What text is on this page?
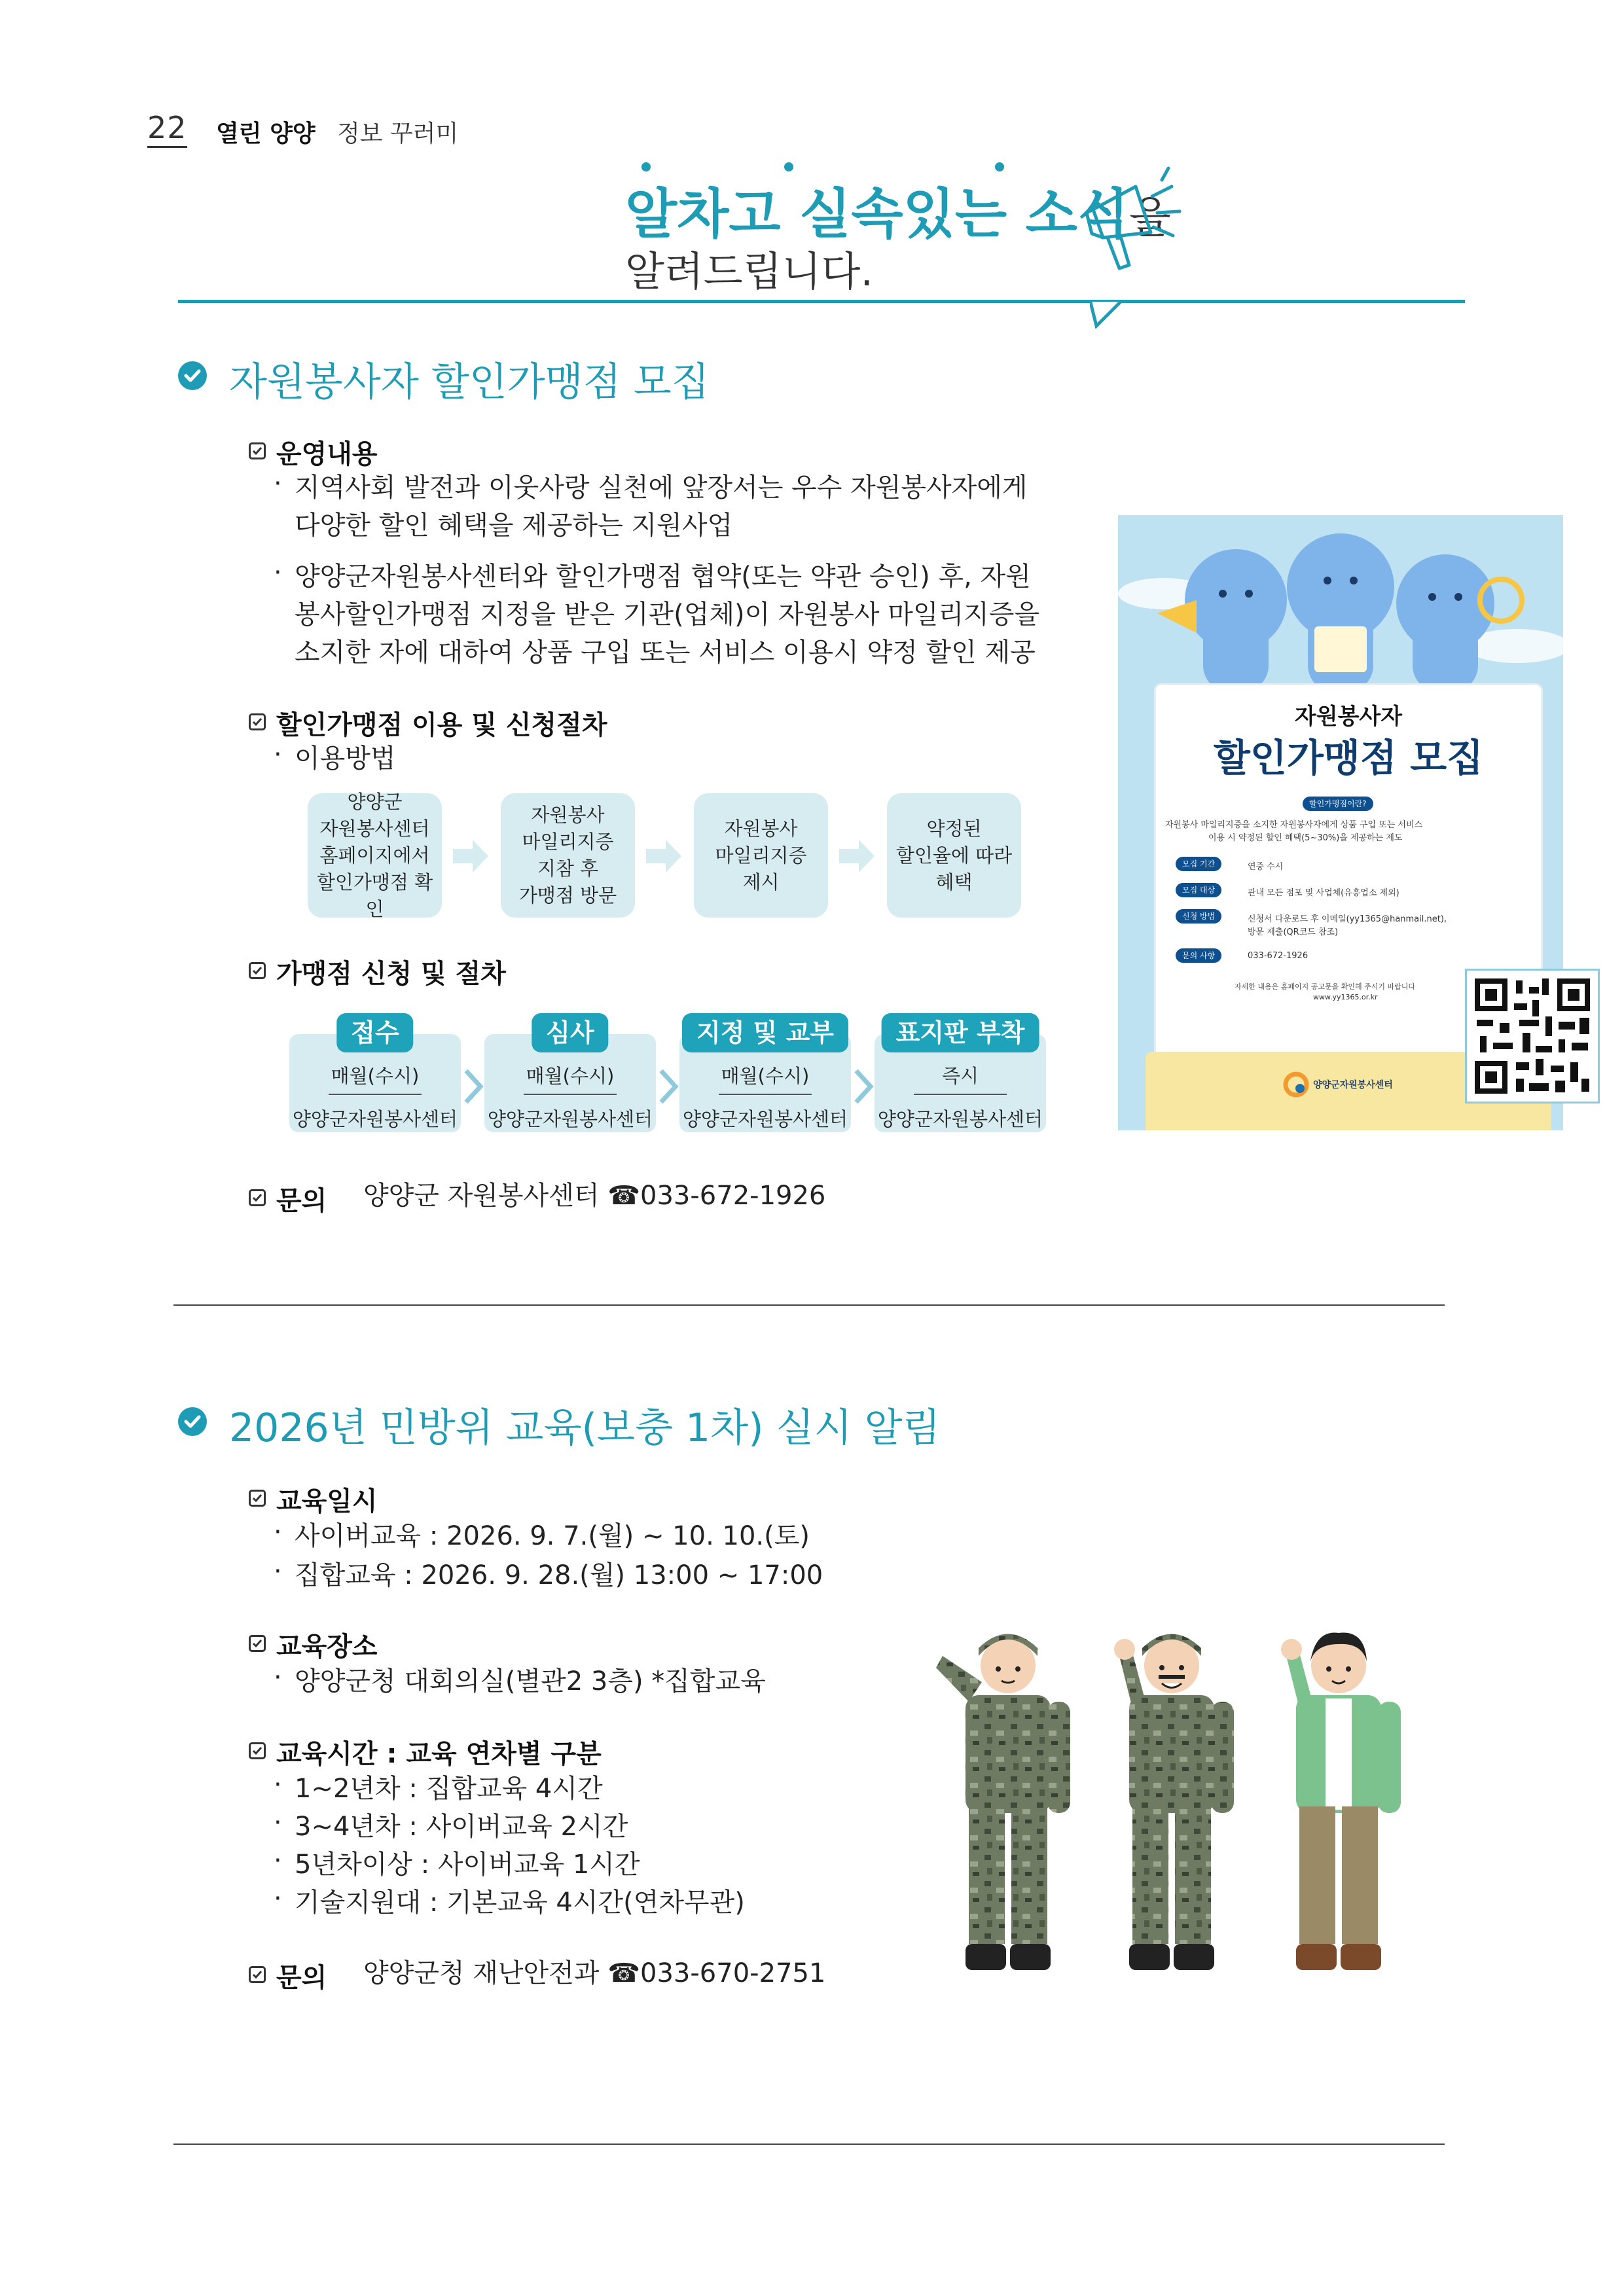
22 열린 양양 정보 꾸러미
알차고 실속있는 소식을
알려드립니다.
자원봉사자 할인가맹점 모집
운영내용
· 지역사회 발전과 이웃사랑 실천에 앞장서는 우수 자원봉사자에게
다양한 할인 혜택을 제공하는 지원사업
· 양양군자원봉사센터와 할인가맹점 협약(또는 약관 승인) 후, 자원
봉사할인가맹점 지정을 받은 기관(업체)이 자원봉사 마일리지증을
소지한 자에 대하여 상품 구입 또는 서비스 이용시 약정 할인 제공
할인가맹점 이용 및 신청절차
· 이용방법
양양군
자원봉사센터
홈페이지에서
할인가맹점 확인
자원봉사
마일리지증
지참 후
가맹점 방문
자원봉사
마일리지증
제시
약정된
할인율에 따라
혜택
가맹점 신청 및 절차
접수
매월(수시)
양양군자원봉사센터
심사
매월(수시)
양양군자원봉사센터
지정 및 교부
매월(수시)
양양군자원봉사센터
표지판 부착
즉시
양양군자원봉사센터
문의 양양군 자원봉사센터 ☎033-672-1926
자원봉사자
할인가맹점 모집
할인가맹점이란?
자원봉사 마일리지증을 소지한 자원봉사자에게 상품 구입 또는 서비스
이용 시 약정된 할인 혜택(5~30%)을 제공하는 제도
모집 기간	연중 수시
모집 대상	관내 모든 점포 및 사업체(유흥업소 제외)
신청 방법	신청서 다운로드 후 이메일(yy1365@hanmail.net),
방문 제출(QR코드 참조)
문의 사항	033-672-1926
자세한 내용은 홈페이지 공고문을 확인해 주시기 바랍니다
www.yy1365.or.kr
양양군자원봉사센터
2026년 민방위 교육(보충 1차) 실시 알림
교육일시
· 사이버교육 : 2026. 9. 7.(월) ~ 10. 10.(토)
· 집합교육 : 2026. 9. 28.(월) 13:00 ~ 17:00
교육장소
· 양양군청 대회의실(별관2 3층) *집합교육
교육시간 : 교육 연차별 구분
· 1~2년차 : 집합교육 4시간
· 3~4년차 : 사이버교육 2시간
· 5년차이상 : 사이버교육 1시간
· 기술지원대 : 기본교육 4시간(연차무관)
문의 양양군청 재난안전과 ☎033-670-2751
